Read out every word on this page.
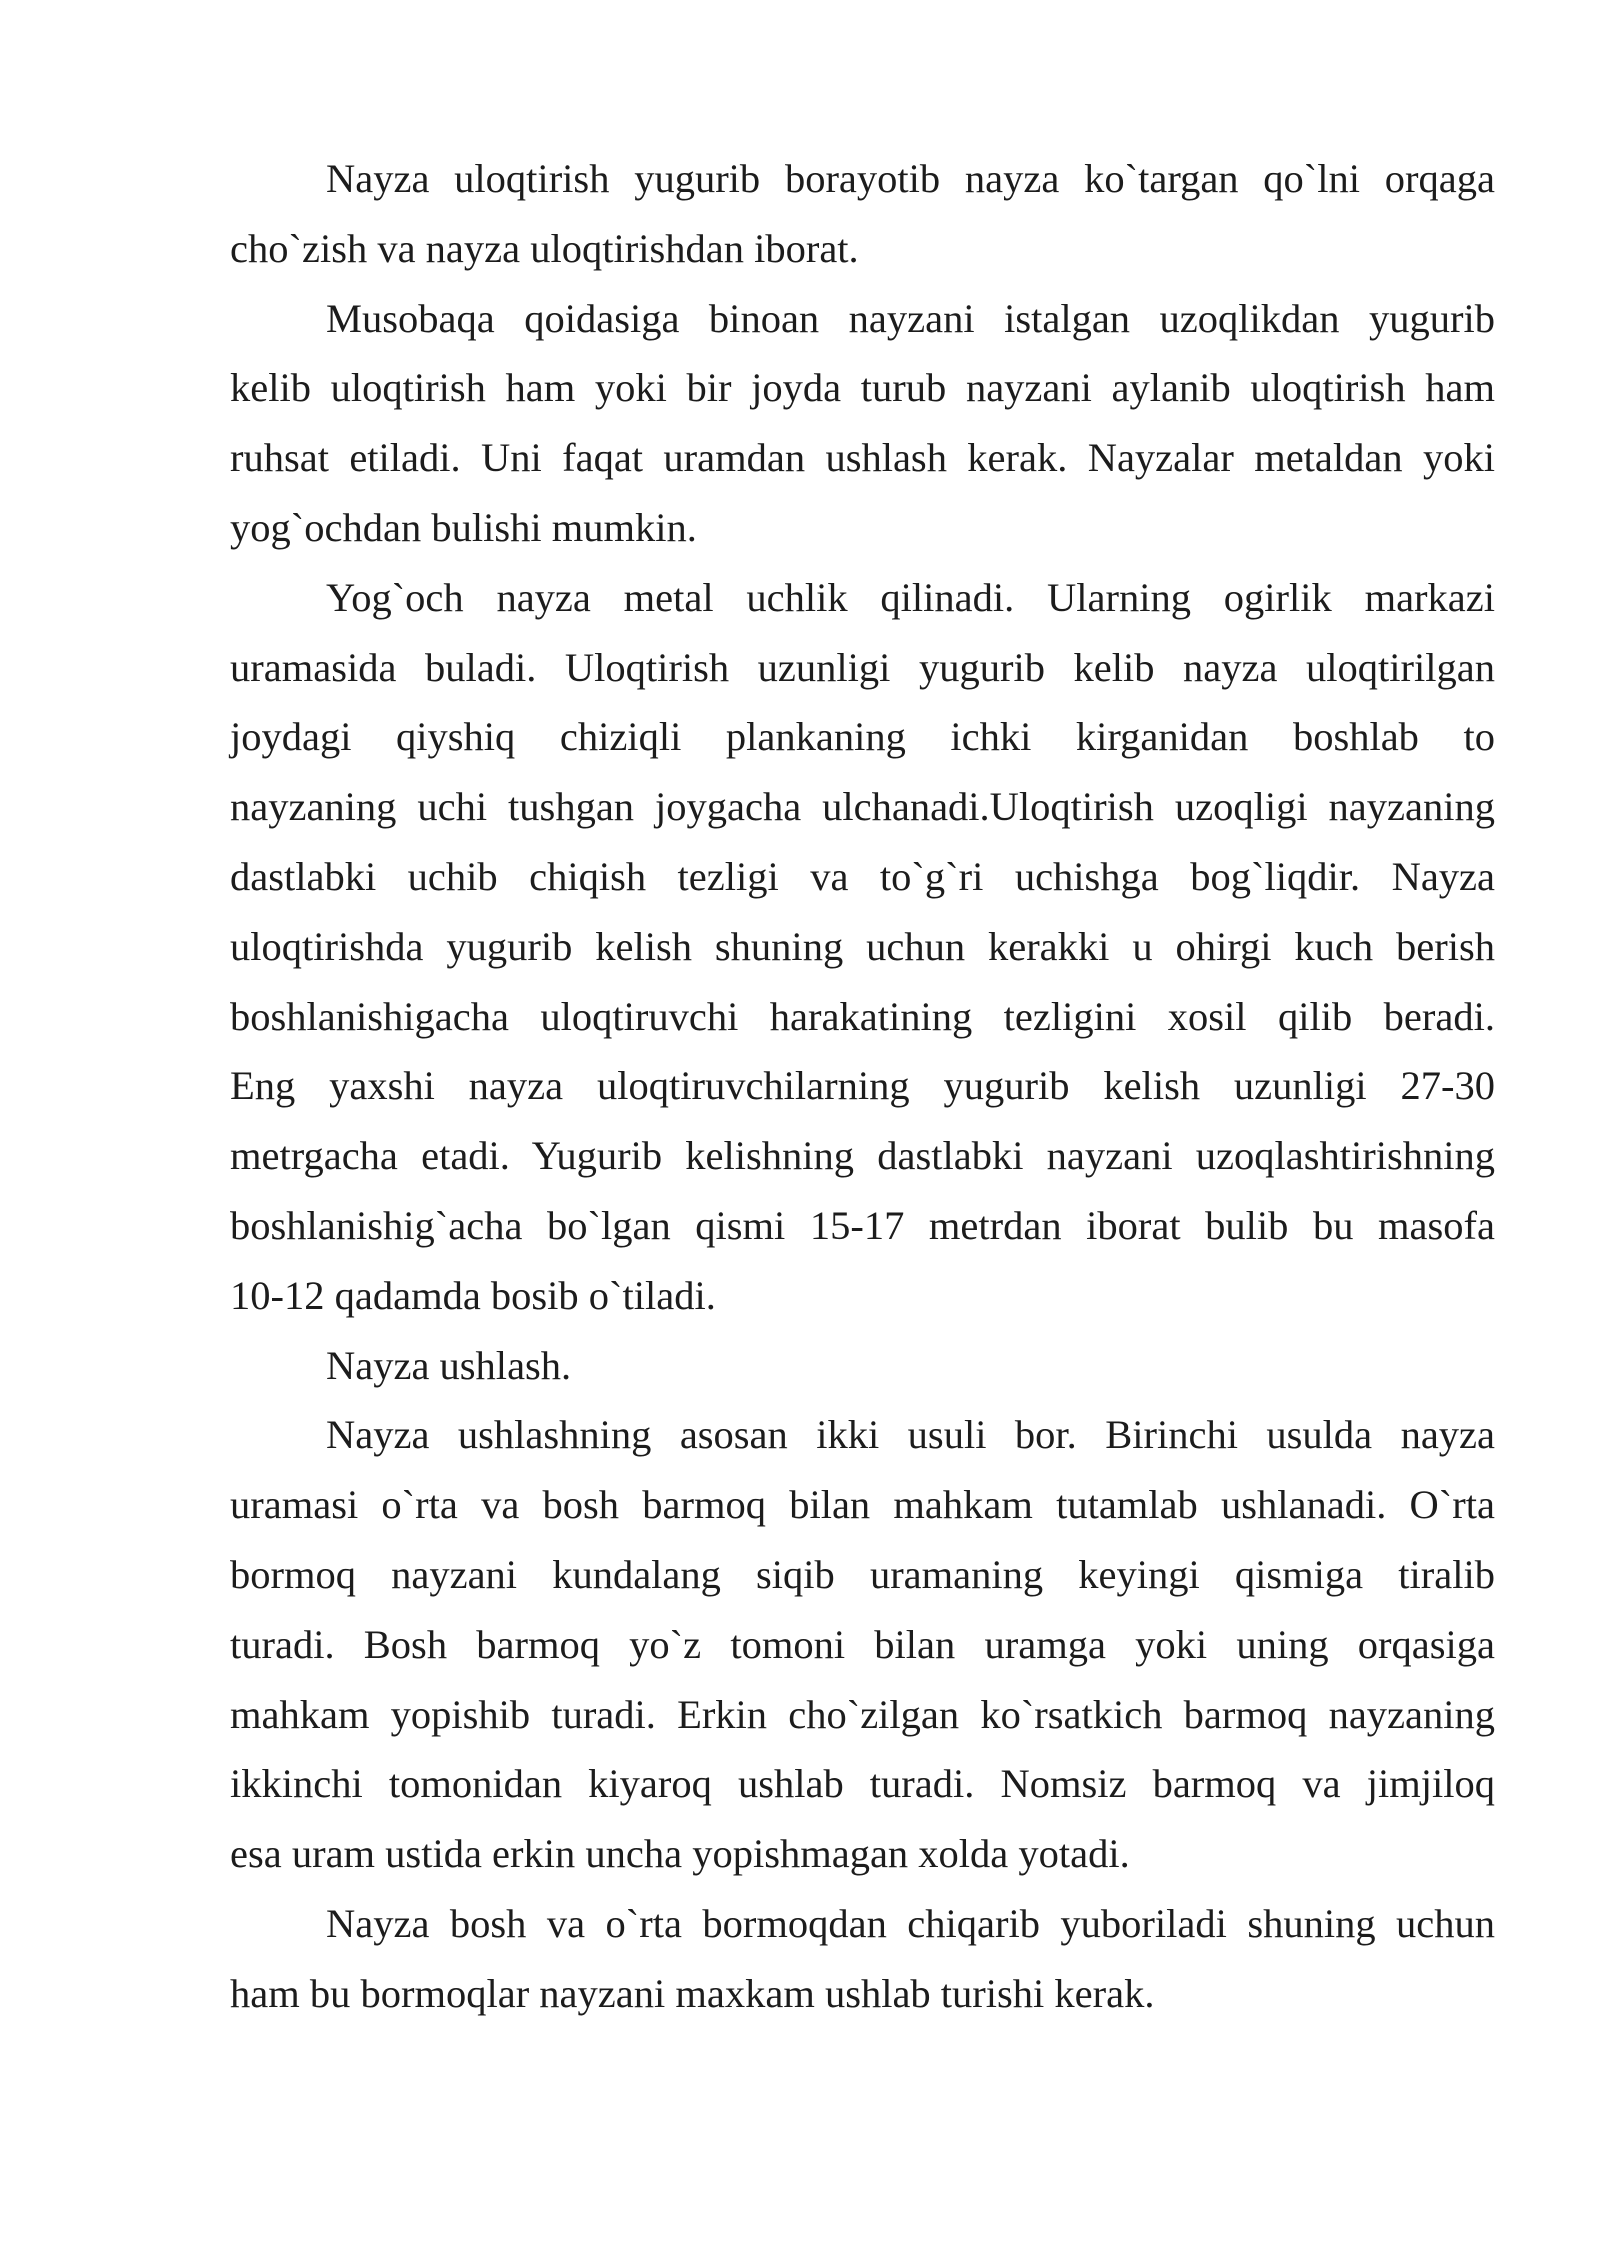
Nayza uloqtirish yugurib borayotib nayza ko`targan qo`lni orqaga
cho`zish va nayza uloqtirishdan iborat.
Musobaqa qoidasiga binoan nayzani istalgan uzoqlikdan yugurib
kelib uloqtirish ham yoki bir joyda turub nayzani aylanib uloqtirish ham
ruhsat etiladi. Uni faqat uramdan ushlash kerak. Nayzalar metaldan yoki
yog`ochdan bulishi mumkin.
Yog`och nayza metal uchlik qilinadi. Ularning ogirlik markazi
uramasida buladi. Uloqtirish uzunligi yugurib kelib nayza uloqtirilgan
joydagi qiyshiq chiziqli plankaning ichki kirganidan boshlab to
nayzaning uchi tushgan joygacha ulchanadi.Uloqtirish uzoqligi nayzaning
dastlabki uchib chiqish tezligi va to`g`ri uchishga bog`liqdir. Nayza
uloqtirishda yugurib kelish shuning uchun kerakki u ohirgi kuch berish
boshlanishigacha uloqtiruvchi harakatining tezligini xosil qilib beradi.
Eng yaxshi nayza uloqtiruvchilarning yugurib kelish uzunligi 27-30
metrgacha etadi. Yugurib kelishning dastlabki nayzani uzoqlashtirishning
boshlanishig`acha bo`lgan qismi 15-17 metrdan iborat bulib bu masofa
10-12 qadamda bosib o`tiladi.
Nayza ushlash.
Nayza ushlashning asosan ikki usuli bor. Birinchi usulda nayza
uramasi o`rta va bosh barmoq bilan mahkam tutamlab ushlanadi. O`rta
bormoq nayzani kundalang siqib uramaning keyingi qismiga tiralib
turadi. Bosh barmoq yo`z tomoni bilan uramga yoki uning orqasiga
mahkam yopishib turadi. Erkin cho`zilgan ko`rsatkich barmoq nayzaning
ikkinchi tomonidan kiyaroq ushlab turadi. Nomsiz barmoq va jimjiloq
esa uram ustida erkin uncha yopishmagan xolda yotadi.
Nayza bosh va o`rta bormoqdan chiqarib yuboriladi shuning uchun
ham bu bormoqlar nayzani maxkam ushlab turishi kerak.
